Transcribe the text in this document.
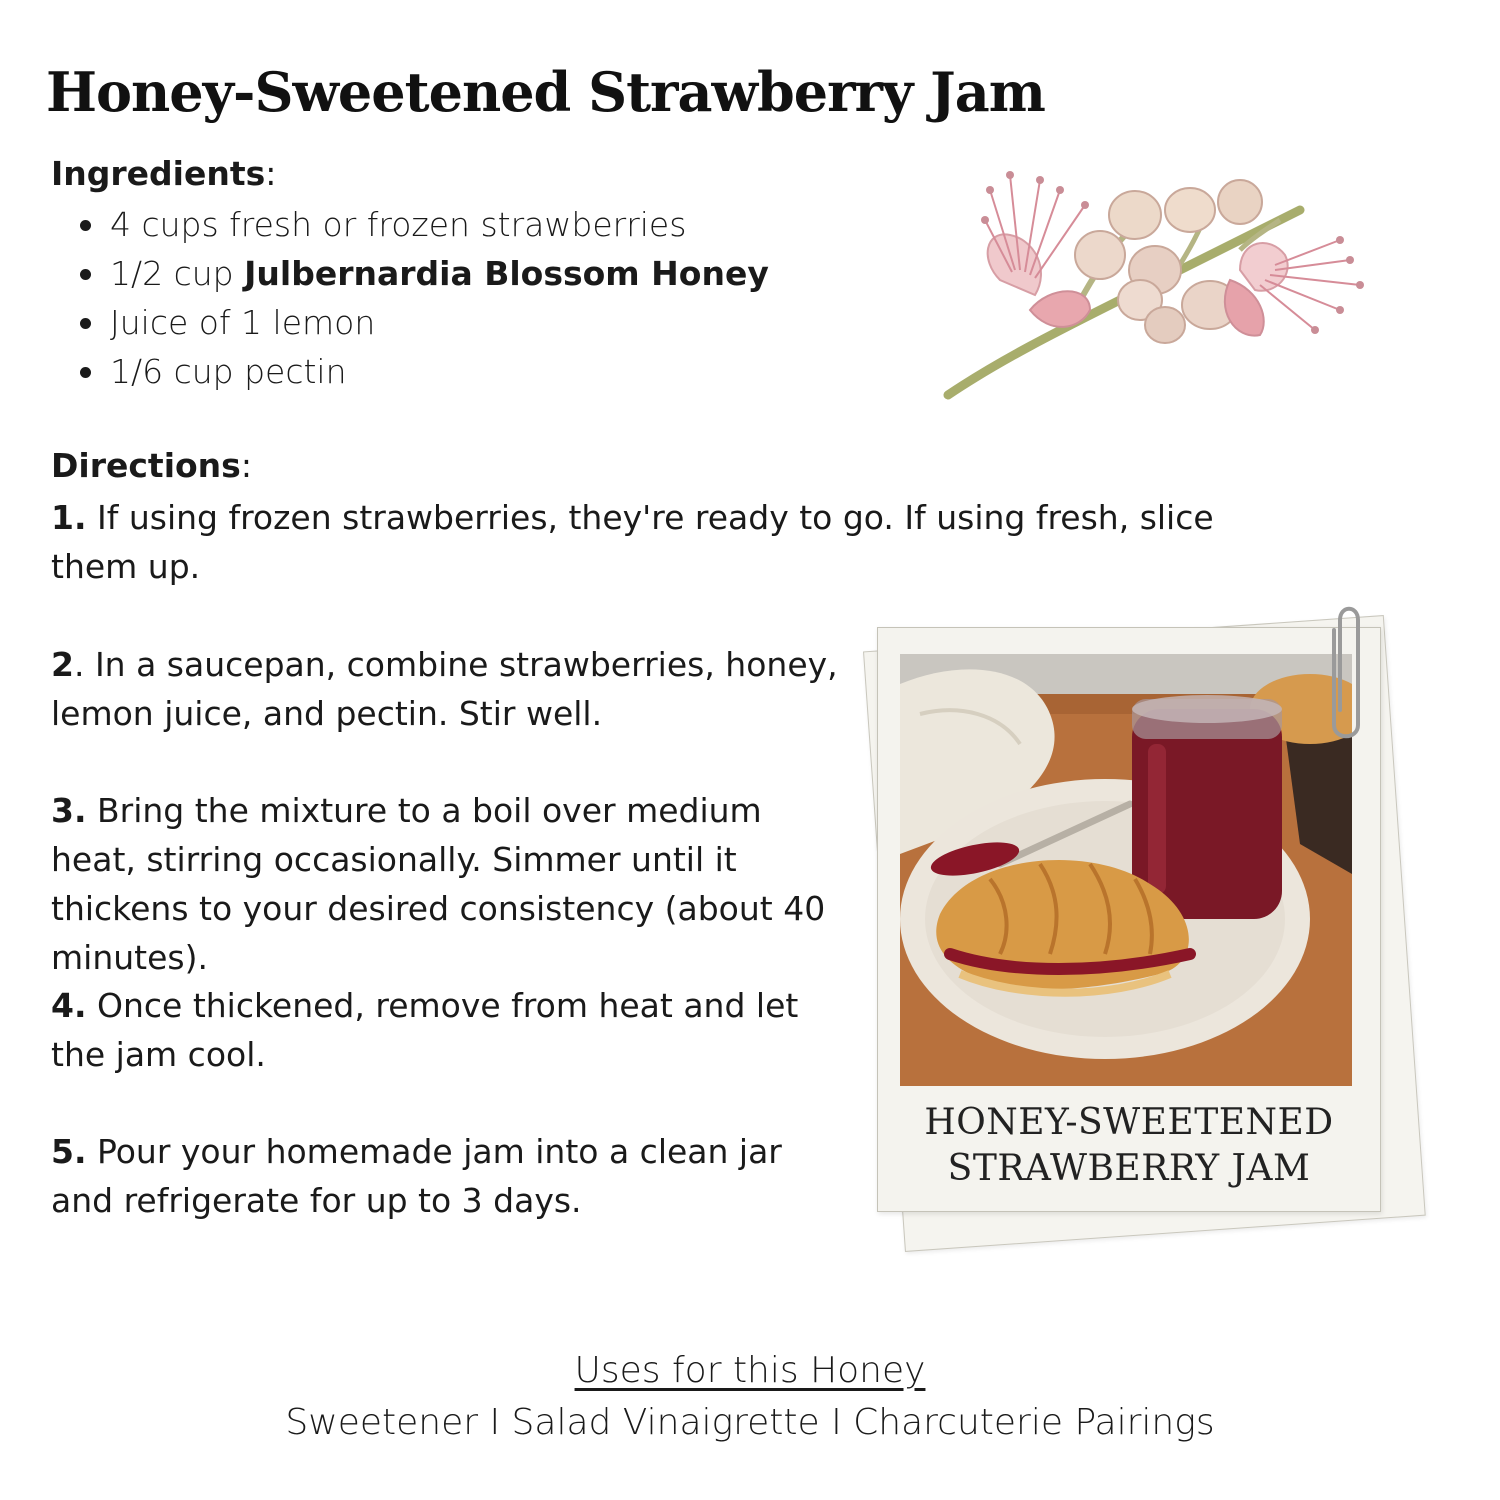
Honey-Sweetened Strawberry Jam

Ingredients:

4 cups fresh or frozen strawberries
1/2 cup Julbernardia Blossom Honey
Juice of 1 lemon
1/6 cup pectin

Directions:

1. If using frozen strawberries, they're ready to go. If using fresh, slice them up.

2. In a saucepan, combine strawberries, honey, lemon juice, and pectin. Stir well.

3. Bring the mixture to a boil over medium heat, stirring occasionally. Simmer until it thickens to your desired consistency (about 40 minutes).

4. Once thickened, remove from heat and let the jam cool.

5. Pour your homemade jam into a clean jar and refrigerate for up to 3 days.

HONEY-SWEETENED
STRAWBERRY JAM

Uses for this Honey

Sweetener I Salad Vinaigrette I Charcuterie Pairings
